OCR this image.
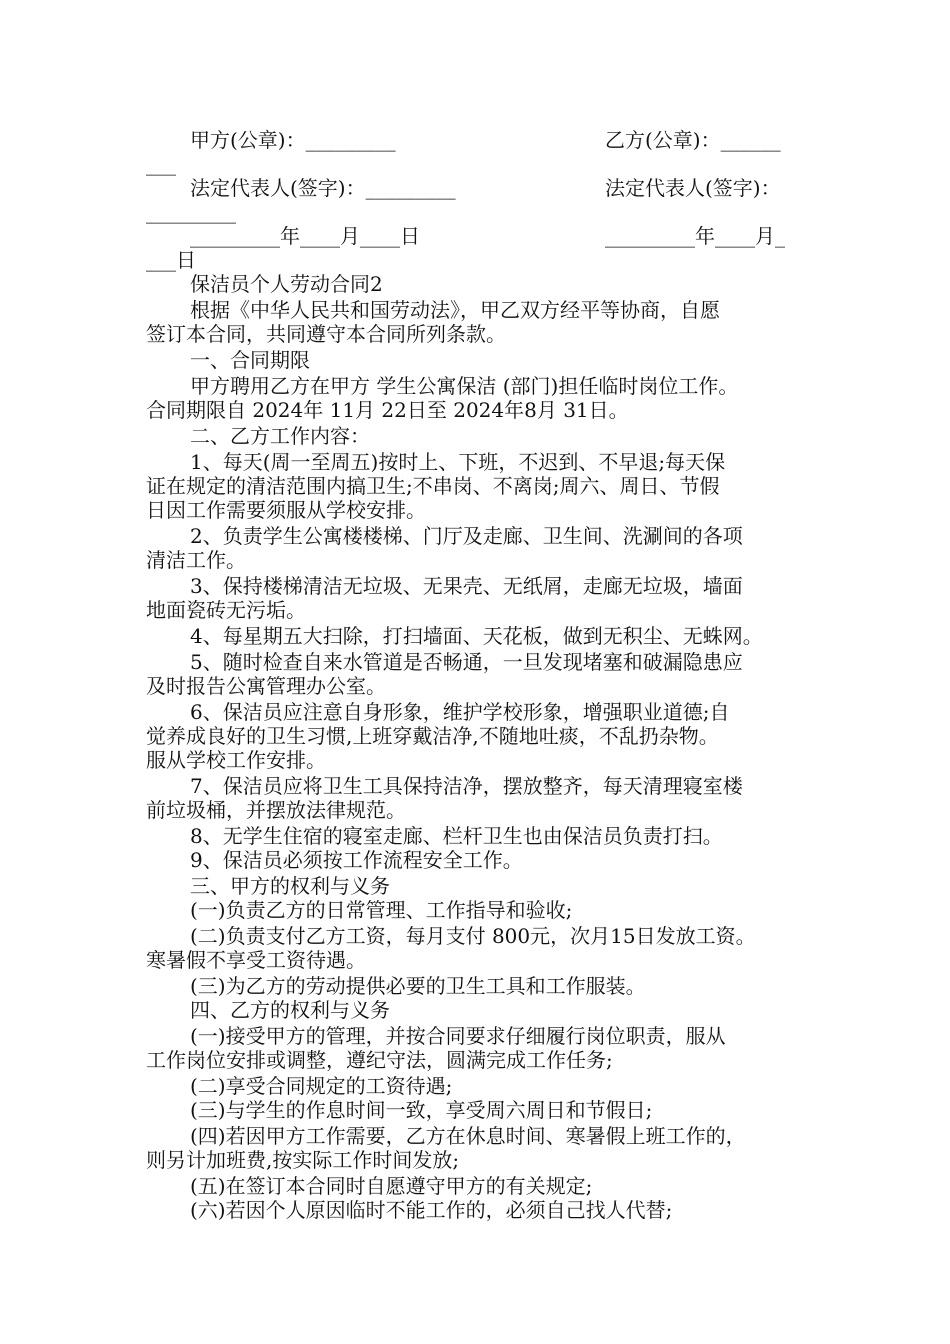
甲方(公章)：_________	乙方(公章)：______
___
法定代表人(签字)：_________	法定代表人(签字)：
_________
_________年____月____日	_________年____月_
___日
保洁员个人劳动合同2
根据《中华人民共和国劳动法》，甲乙双方经平等协商，自愿
签订本合同，共同遵守本合同所列条款。
一、合同期限
甲方聘用乙方在甲方 学生公寓保洁 (部门)担任临时岗位工作。
合同期限自 2024年 11月 22日至 2024年8月 31日。
二、乙方工作内容：
1、每天(周一至周五)按时上、下班，不迟到、不早退;每天保
证在规定的清洁范围内搞卫生;不串岗、不离岗;周六、周日、节假
日因工作需要须服从学校安排。
2、负责学生公寓楼楼梯、门厅及走廊、卫生间、洗涮间的各项
清洁工作。
3、保持楼梯清洁无垃圾、无果壳、无纸屑，走廊无垃圾，墙面
地面瓷砖无污垢。
4、每星期五大扫除，打扫墙面、天花板，做到无积尘、无蛛网。
5、随时检查自来水管道是否畅通，一旦发现堵塞和破漏隐患应
及时报告公寓管理办公室。
6、保洁员应注意自身形象，维护学校形象，增强职业道德;自
觉养成良好的卫生习惯,上班穿戴洁净,不随地吐痰，不乱扔杂物。
服从学校工作安排。
7、保洁员应将卫生工具保持洁净，摆放整齐，每天清理寝室楼
前垃圾桶，并摆放法律规范。
8、无学生住宿的寝室走廊、栏杆卫生也由保洁员负责打扫。
9、保洁员必须按工作流程安全工作。
三、甲方的权利与义务
(一)负责乙方的日常管理、工作指导和验收;
(二)负责支付乙方工资，每月支付 800元，次月15日发放工资。
寒暑假不享受工资待遇。
(三)为乙方的劳动提供必要的卫生工具和工作服装。
四、乙方的权利与义务
(一)接受甲方的管理，并按合同要求仔细履行岗位职责，服从
工作岗位安排或调整，遵纪守法，圆满完成工作任务;
(二)享受合同规定的工资待遇;
(三)与学生的作息时间一致，享受周六周日和节假日;
(四)若因甲方工作需要，乙方在休息时间、寒暑假上班工作的，
则另计加班费,按实际工作时间发放;
(五)在签订本合同时自愿遵守甲方的有关规定;
(六)若因个人原因临时不能工作的，必须自己找人代替;
